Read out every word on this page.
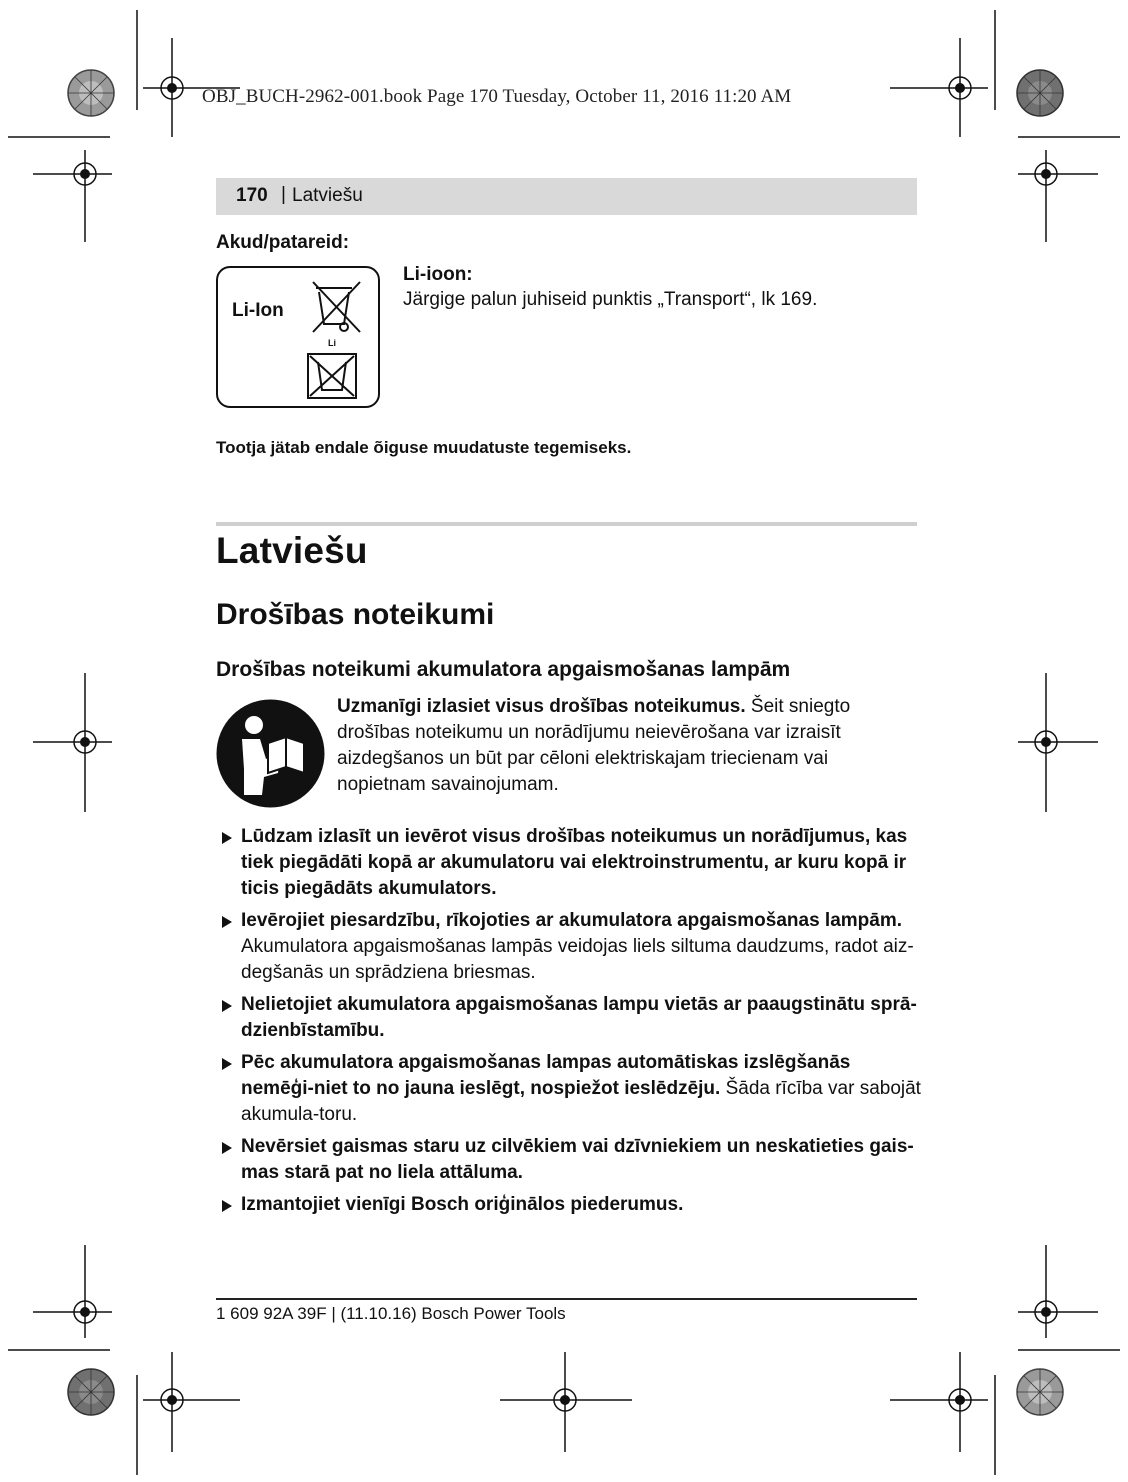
OBJ_BUCH-2962-001.book Page 170 Tuesday, October 11, 2016 11:20 AM
170 | Latviešu
Akud/patareid:
Li-Ion
Li
Li-ioon:
Järgige palun juhiseid punktis „Transport“, lk 169.
Tootja jätab endale õiguse muudatuste tegemiseks.
Latviešu
Drošības noteikumi
Drošības noteikumi akumulatora apgaismošanas lampām
Uzmanīgi izlasiet visus drošības noteikumus. Šeit sniegto drošības noteikumu un norādījumu neievērošana var izraisīt aizdegšanos un būt par cēloni elektriskajam triecienam vai nopietnam savainojumam.
Lūdzam izlasīt un ievērot visus drošības noteikumus un norādījumus, kas tiek piegādāti kopā ar akumulatoru vai elektroinstrumentu, ar kuru kopā ir ticis piegādāts akumulators.
Ievērojiet piesardzību, rīkojoties ar akumulatora apgaismošanas lampām. Akumulatora apgaismošanas lampās veidojas liels siltuma daudzums, radot aiz-degšanās un sprādziena briesmas.
Nelietojiet akumulatora apgaismošanas lampu vietās ar paaugstinātu sprā-dzienbīstamību.
Pēc akumulatora apgaismošanas lampas automātiskas izslēgšanās nemēģi-niet to no jauna ieslēgt, nospiežot ieslēdzēju. Šāda rīcība var sabojāt akumula-toru.
Nevērsiet gaismas staru uz cilvēkiem vai dzīvniekiem un neskatieties gais-mas starā pat no liela attāluma.
Izmantojiet vienīgi Bosch oriģinālos piederumus.
1 609 92A 39F | (11.10.16) Bosch Power Tools
